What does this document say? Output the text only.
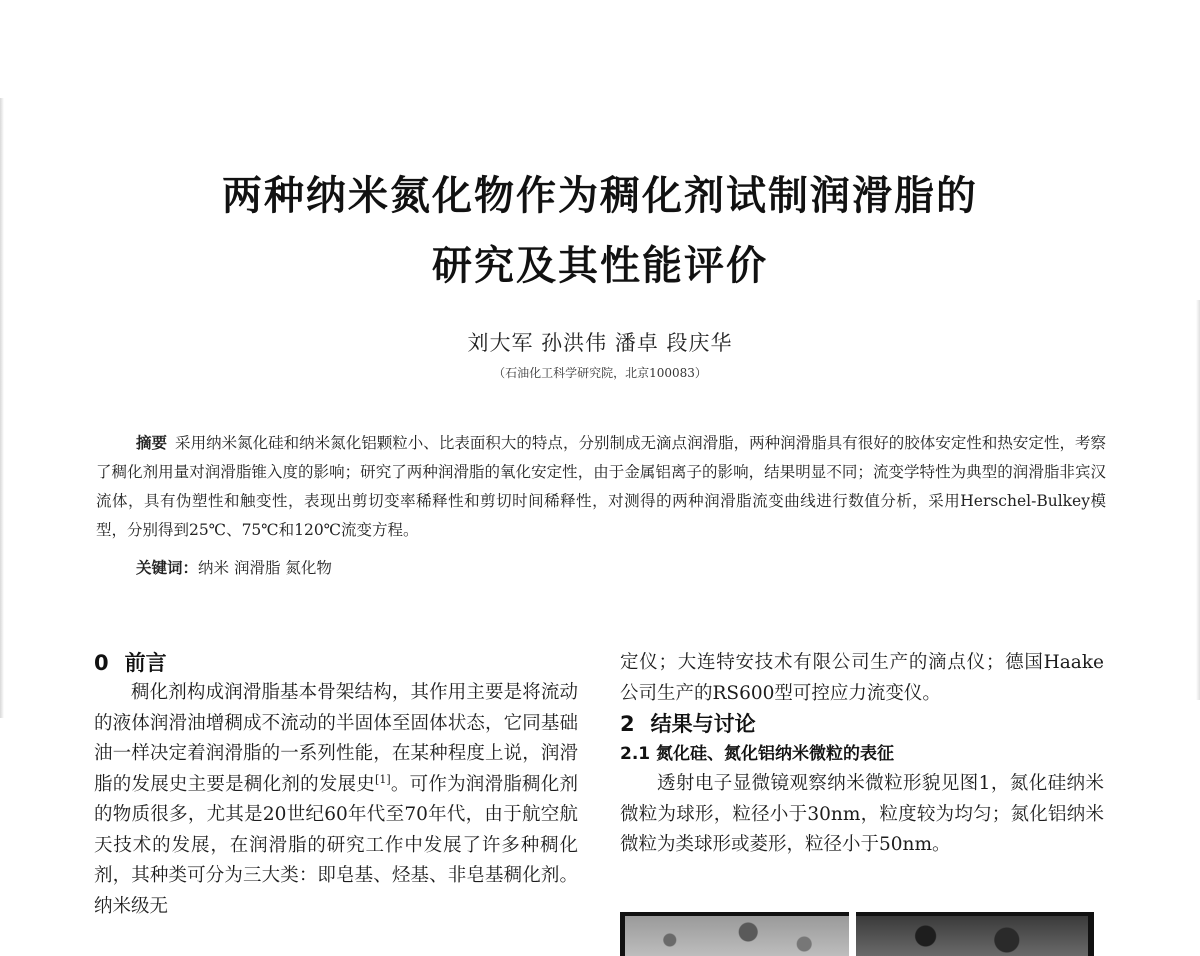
两种纳米氮化物作为稠化剂试制润滑脂的
研究及其性能评价
刘大军 孙洪伟 潘卓 段庆华
（石油化工科学研究院，北京100083）
摘要 采用纳米氮化硅和纳米氮化铝颗粒小、比表面积大的特点，分别制成无滴点润滑脂，两种润滑脂具有很好的胶体安定性和热安定性，考察了稠化剂用量对润滑脂锥入度的影响；研究了两种润滑脂的氧化安定性，由于金属铝离子的影响，结果明显不同；流变学特性为典型的润滑脂非宾汉流体，具有伪塑性和触变性，表现出剪切变率稀释性和剪切时间稀释性，对测得的两种润滑脂流变曲线进行数值分析，采用Herschel-Bulkey模型，分别得到25℃、75℃和120℃流变方程。
关键词：纳米 润滑脂 氮化物
0 前言

稠化剂构成润滑脂基本骨架结构，其作用主要是将流动的液体润滑油增稠成不流动的半固体至固体状态，它同基础油一样决定着润滑脂的一系列性能，在某种程度上说，润滑脂的发展史主要是稠化剂的发展史[1]。可作为润滑脂稠化剂的物质很多，尤其是20世纪60年代至70年代，由于航空航天技术的发展，在润滑脂的研究工作中发展了许多种稠化剂，其种类可分为三大类：即皂基、烃基、非皂基稠化剂。纳米级无

定仪；大连特安技术有限公司生产的滴点仪；德国Haake公司生产的RS600型可控应力流变仪。

2 结果与讨论
2.1 氮化硅、氮化铝纳米微粒的表征

透射电子显微镜观察纳米微粒形貌见图1，氮化硅纳米微粒为球形，粒径小于30nm，粒度较为均匀；氮化铝纳米微粒为类球形或菱形，粒径小于50nm。
